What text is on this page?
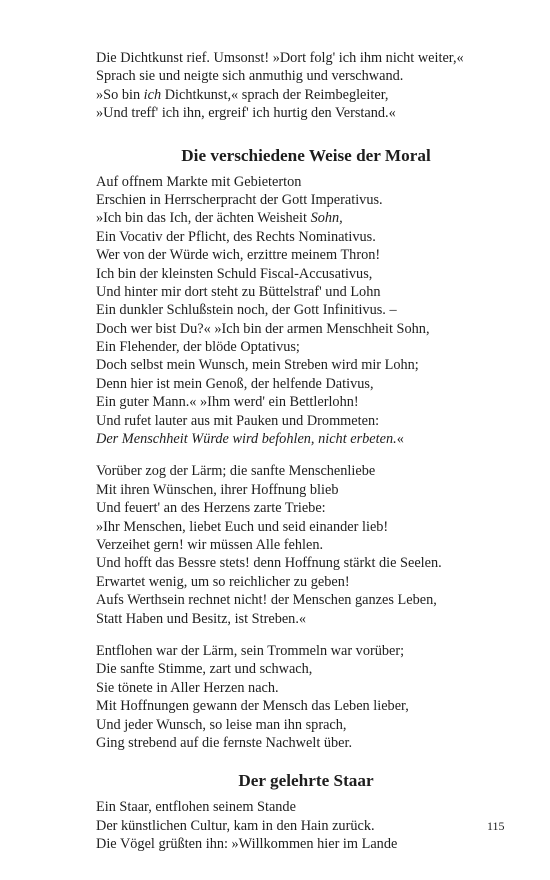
Die Dichtkunst rief. Umsonst! »Dort folg' ich ihm nicht weiter,«
Sprach sie und neigte sich anmuthig und verschwand.
»So bin ich Dichtkunst,« sprach der Reimbegleiter,
»Und treff' ich ihn, ergreif' ich hurtig den Verstand.«
Die verschiedene Weise der Moral
Auf offnem Markte mit Gebieterton
Erschien in Herrscherpracht der Gott Imperativus.
»Ich bin das Ich, der ächten Weisheit Sohn,
Ein Vocativ der Pflicht, des Rechts Nominativus.
Wer von der Würde wich, erzittre meinem Thron!
Ich bin der kleinsten Schuld Fiscal-Accusativus,
Und hinter mir dort steht zu Büttelstraf' und Lohn
Ein dunkler Schlußstein noch, der Gott Infinitivus. –
Doch wer bist Du?« »Ich bin der armen Menschheit Sohn,
Ein Flehender, der blöde Optativus;
Doch selbst mein Wunsch, mein Streben wird mir Lohn;
Denn hier ist mein Genoß, der helfende Dativus,
Ein guter Mann.« »Ihm werd' ein Bettlerlohn!
Und rufet lauter aus mit Pauken und Drommeten:
Der Menschheit Würde wird befohlen, nicht erbeten.«
Vorüber zog der Lärm; die sanfte Menschenliebe
Mit ihren Wünschen, ihrer Hoffnung blieb
Und feuert' an des Herzens zarte Triebe:
»Ihr Menschen, liebet Euch und seid einander lieb!
Verzeihet gern! wir müssen Alle fehlen.
Und hofft das Bessre stets! denn Hoffnung stärkt die Seelen.
Erwartet wenig, um so reichlicher zu geben!
Aufs Werthsein rechnet nicht! der Menschen ganzes Leben,
Statt Haben und Besitz, ist Streben.«
Entflohen war der Lärm, sein Trommeln war vorüber;
Die sanfte Stimme, zart und schwach,
Sie tönete in Aller Herzen nach.
Mit Hoffnungen gewann der Mensch das Leben lieber,
Und jeder Wunsch, so leise man ihn sprach,
Ging strebend auf die fernste Nachwelt über.
Der gelehrte Staar
Ein Staar, entflohen seinem Stande
Der künstlichen Cultur, kam in den Hain zurück.
Die Vögel grüßten ihn: »Willkommen hier im Lande
115
